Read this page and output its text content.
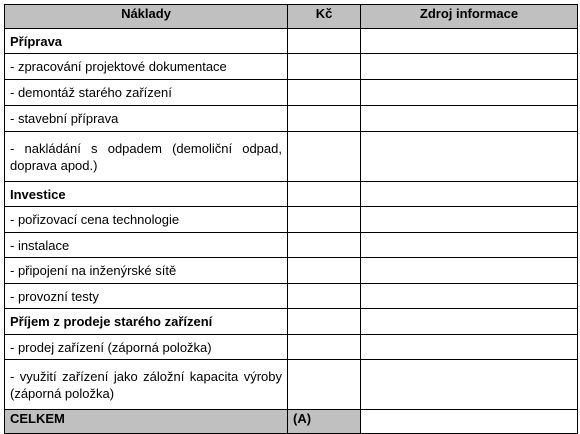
Náklady	Kč	Zdroj informace
Příprava		
- zpracování projektové dokumentace		
- demontáž starého zařízení		
- stavební příprava		
- nakládání s odpadem (demoliční odpad, doprava apod.)		
Investice		
- pořizovací cena technologie		
- instalace		
- připojení na inženýrské sítě		
- provozní testy		
Příjem z prodeje starého zařízení		
- prodej zařízení (záporná položka)		
- využití zařízení jako záložní kapacita výroby (záporná položka)		
CELKEM	(A)	
